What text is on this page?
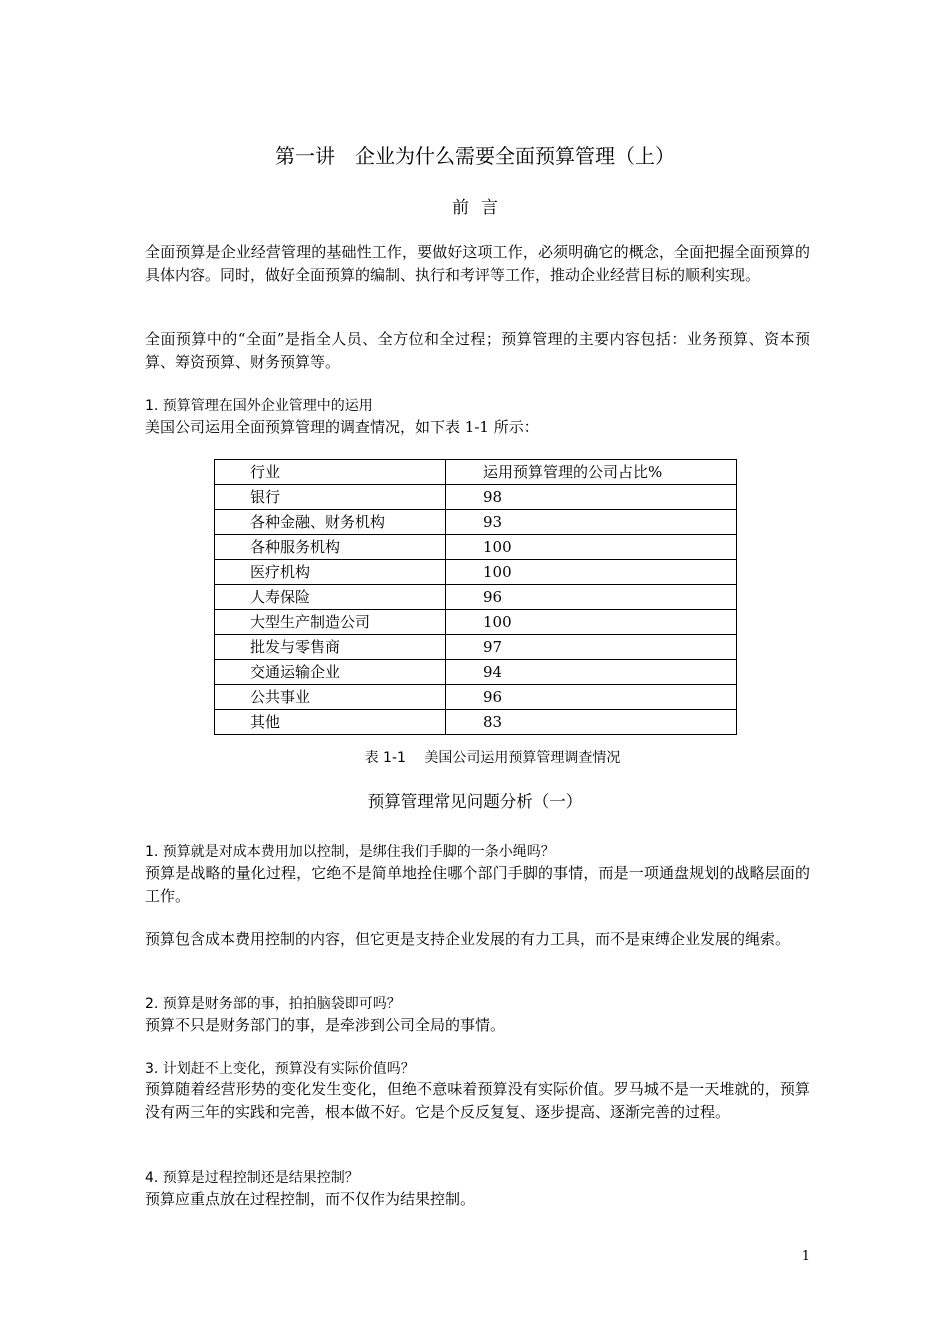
第一讲　企业为什么需要全面预算管理（上）
前言

全面预算是企业经营管理的基础性工作，要做好这项工作，必须明确它的概念，全面把握全面预算的具体内容。同时，做好全面预算的编制、执行和考评等工作，推动企业经营目标的顺利实现。

全面预算中的“全面”是指全人员、全方位和全过程；预算管理的主要内容包括：业务预算、资本预算、筹资预算、财务预算等。

1. 预算管理在国外企业管理中的运用

美国公司运用全面预算管理的调查情况，如下表 1-1 所示：

行业	运用预算管理的公司占比%
银行	98
各种金融、财务机构	93
各种服务机构	100
医疗机构	100
人寿保险	96
大型生产制造公司	100
批发与零售商	97
交通运输企业	94
公共事业	96
其他	83
表 1-1　 美国公司运用预算管理调查情况
预算管理常见问题分析（一）
1. 预算就是对成本费用加以控制，是绑住我们手脚的一条小绳吗？

预算是战略的量化过程，它绝不是简单地拴住哪个部门手脚的事情，而是一项通盘规划的战略层面的工作。

预算包含成本费用控制的内容，但它更是支持企业发展的有力工具，而不是束缚企业发展的绳索。

2. 预算是财务部的事，拍拍脑袋即可吗？

预算不只是财务部门的事，是牵涉到公司全局的事情。

3. 计划赶不上变化，预算没有实际价值吗？

预算随着经营形势的变化发生变化，但绝不意味着预算没有实际价值。罗马城不是一天堆就的，预算没有两三年的实践和完善，根本做不好。它是个反反复复、逐步提高、逐渐完善的过程。

4. 预算是过程控制还是结果控制？

预算应重点放在过程控制，而不仅作为结果控制。

1
